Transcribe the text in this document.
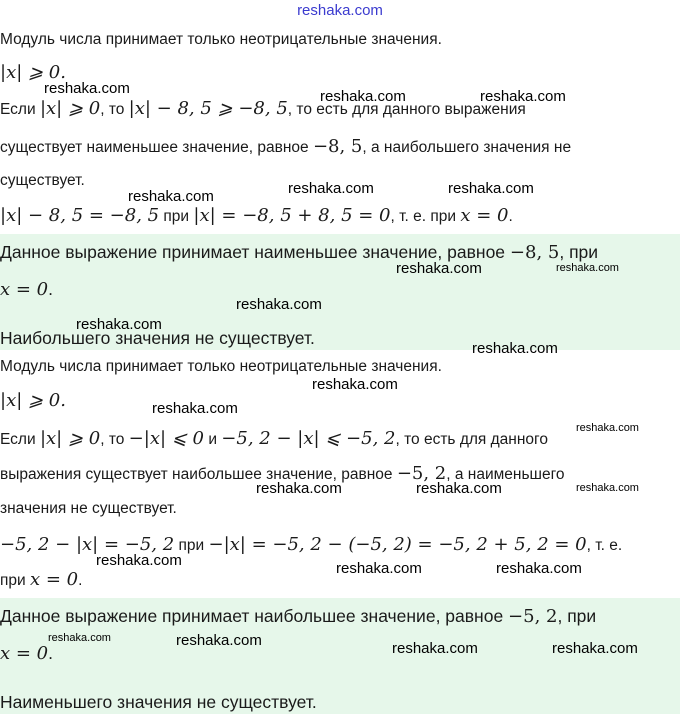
reshaka.com
Модуль числа принимает только неотрицательные значения.
|x| ⩾ 0.
Если |x| ⩾ 0, то |x| − 8, 5 ⩾ −8, 5, то есть для данного выражения
существует наименьшее значение, равное −8, 5, а наибольшего значения не
существует.
|x| − 8, 5 = −8, 5 при |x| = −8, 5 + 8, 5 = 0, т. е. при x = 0.
Данное выражение принимает наименьшее значение, равное −8, 5, при
x = 0.
Наибольшего значения не существует.
Модуль числа принимает только неотрицательные значения.
|x| ⩾ 0.
Если |x| ⩾ 0, то −|x| ⩽ 0 и −5, 2 − |x| ⩽ −5, 2, то есть для данного
выражения существует наибольшее значение, равное −5, 2, а наименьшего
значения не существует.
−5, 2 − |x| = −5, 2 при −|x| = −5, 2 − (−5, 2) = −5, 2 + 5, 2 = 0, т. е.
при x = 0.
Данное выражение принимает наибольшее значение, равное −5, 2, при
x = 0.
Наименьшего значения не существует.
reshaka.com	reshaka.com	reshaka.com
reshaka.com	reshaka.com	reshaka.com
reshaka.com	reshaka.com
reshaka.com
reshaka.com
reshaka.com
reshaka.com
reshaka.com
reshaka.com
reshaka.com	reshaka.com	reshaka.com
reshaka.com	reshaka.com	reshaka.com
reshaka.com	reshaka.com	reshaka.com	reshaka.com
